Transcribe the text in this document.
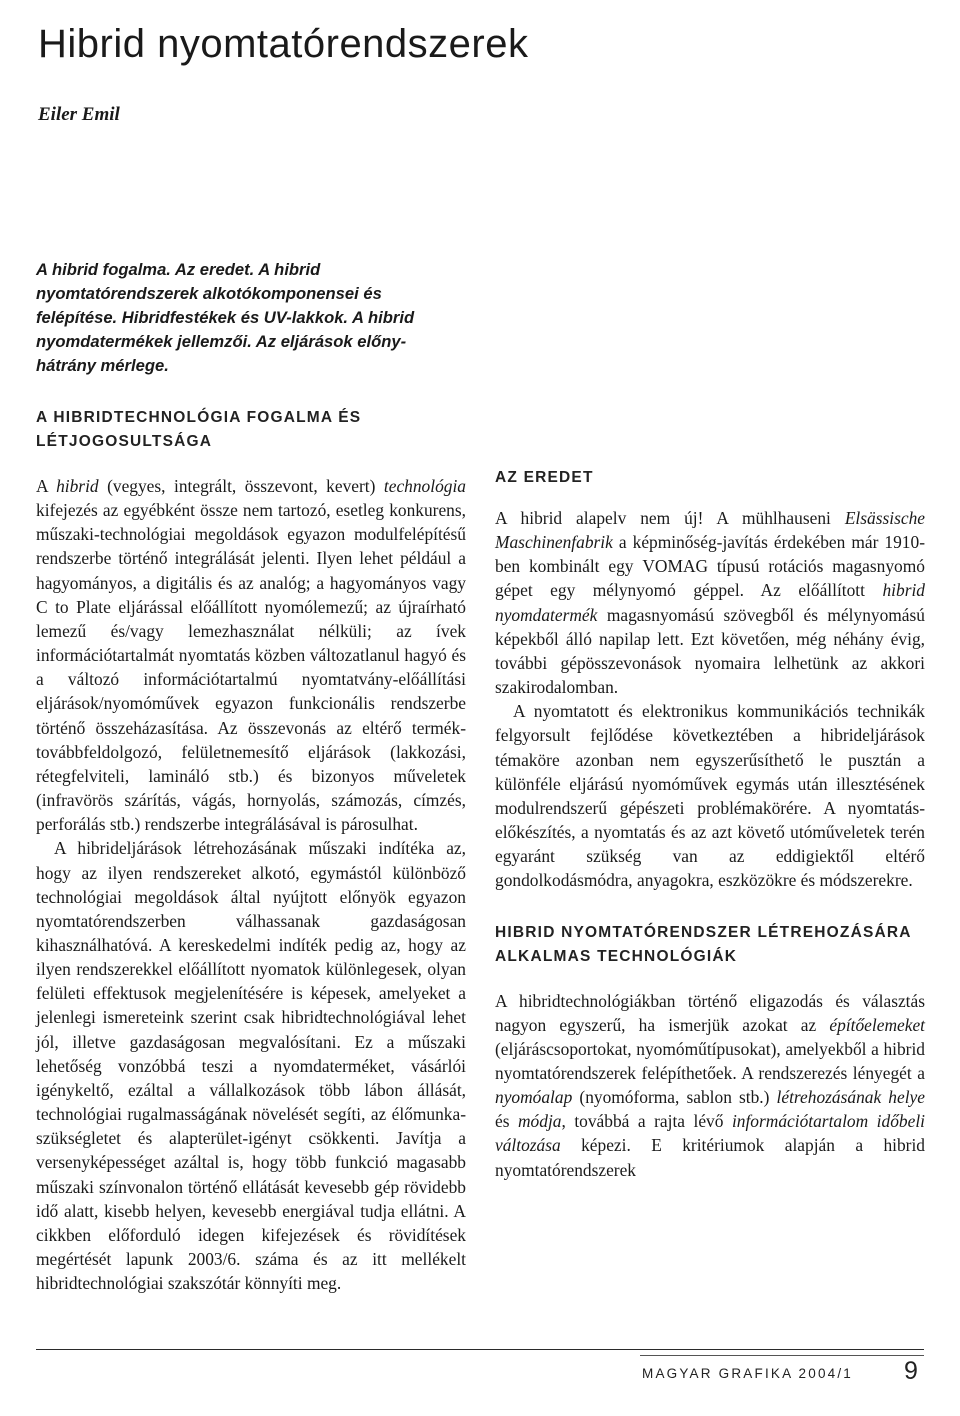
Hibrid nyomtatórendszerek
Eiler Emil

A hibrid fogalma. Az eredet. A hibrid nyomtatórendszerek alkotókomponensei és felépítése. Hibridfestékek és UV-lakkok. A hibrid nyomdatermékek jellemzői. Az eljárások előny-hátrány mérlege.

A HIBRIDTECHNOLÓGIA FOGALMA ÉS LÉTJOGOSULTSÁGA

A hibrid (vegyes, integrált, összevont, kevert) technológia kifejezés az egyébként össze nem tartozó, esetleg konkurens, műszaki-technológiai megoldások egyazon modulfelépítésű rendszerbe történő integrálását jelenti. Ilyen lehet például a hagyományos, a digitális és az analóg; a hagyományos vagy C to Plate eljárással előállított nyomólemezű; az újraírható lemezű és/vagy lemezhasználat nélküli; az ívek információtartalmát nyomtatás közben változatlanul hagyó és a változó információtartalmú nyomtatvány-előállítási eljárások/nyomóművek egyazon funkcionális rendszerbe történő összeházasítása. Az összevonás az eltérő termék-továbbfeldolgozó, felületnemesítő eljárások (lakkozási, rétegfelviteli, lamináló stb.) és bizonyos műveletek (infravörös szárítás, vágás, hornyolás, számozás, címzés, perforálás stb.) rendszerbe integrálásával is párosulhat.

A hibrideljárások létrehozásának műszaki indítéka az, hogy az ilyen rendszereket alkotó, egymástól különböző technológiai megoldások által nyújtott előnyök egyazon nyomtatórendszerben válhassanak gazdaságosan kihasználhatóvá. A kereskedelmi indíték pedig az, hogy az ilyen rendszerekkel előállított nyomatok különlegesek, olyan felületi effektusok megjelenítésére is képesek, amelyeket a jelenlegi ismereteink szerint csak hibridtechnológiával lehet jól, illetve gazdaságosan megvalósítani. Ez a műszaki lehetőség vonzóbbá teszi a nyomdaterméket, vásárlói igénykeltő, ezáltal a vállalkozások több lábon állását, technológiai rugalmasságának növelését segíti, az élőmunka-szükségletet és alapterület-igényt csökkenti. Javítja a versenyképességet azáltal is, hogy több funkció magasabb műszaki színvonalon történő ellátását kevesebb gép rövidebb idő alatt, kisebb helyen, kevesebb energiával tudja ellátni. A cikkben előforduló idegen kifejezések és rövidítések megértését lapunk 2003/6. száma és az itt mellékelt hibridtechnológiai szakszótár könnyíti meg.

AZ EREDET

A hibrid alapelv nem új! A mühlhauseni Elsässische Maschinenfabrik a képminőség-javítás érdekében már 1910-ben kombinált egy VOMAG típusú rotációs magasnyomó gépet egy mélynyomó géppel. Az előállított hibrid nyomdatermék magasnyomású szövegből és mélynyomású képekből álló napilap lett. Ezt követően, még néhány évig, további gépösszevonások nyomaira lelhetünk az akkori szakirodalomban.

A nyomtatott és elektronikus kommunikációs technikák felgyorsult fejlődése következtében a hibrideljárások témaköre azonban nem egyszerűsíthető le pusztán a különféle eljárású nyomóművek egymás után illesztésének modulrendszerű gépészeti problémakörére. A nyomtatás-előkészítés, a nyomtatás és az azt követő utóműveletek terén egyaránt szükség van az eddigiektől eltérő gondolkodásmódra, anyagokra, eszközökre és módszerekre.

HIBRID NYOMTATÓRENDSZER LÉTREHOZÁSÁRA ALKALMAS TECHNOLÓGIÁK

A hibridtechnológiákban történő eligazodás és választás nagyon egyszerű, ha ismerjük azokat az építőelemeket (eljáráscsoportokat, nyomóműtípusokat), amelyekből a hibrid nyomtatórendszerek felépíthetőek. A rendszerezés lényegét a nyomóalap (nyomóforma, sablon stb.) létrehozásának helye és módja, továbbá a rajta lévő információtartalom időbeli változása képezi. E kritériumok alapján a hibrid nyomtatórendszerek

MAGYAR GRAFIKA 2004/1 9
